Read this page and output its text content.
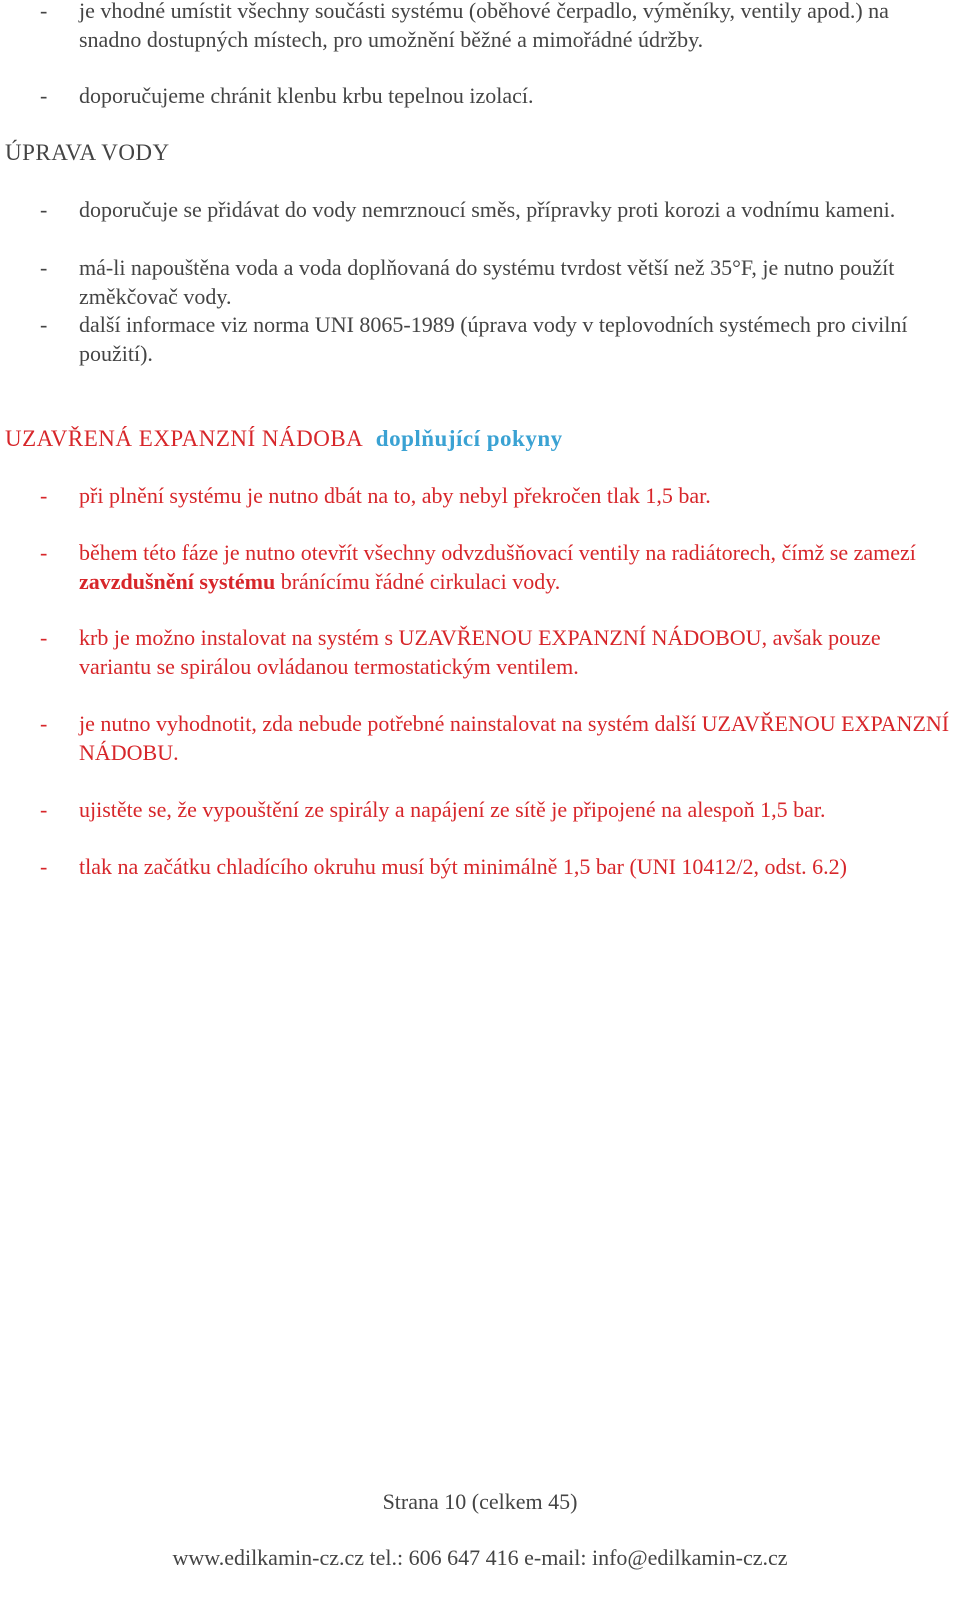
-	je vhodné umístit všechny součásti systému (oběhové čerpadlo, výměníky, ventily apod.) na snadno dostupných místech, pro umožnění běžné a mimořádné údržby.
-	doporučujeme chránit klenbu krbu tepelnou izolací.
ÚPRAVA VODY
-	doporučuje se přidávat do vody nemrznoucí směs, přípravky proti korozi a vodnímu kameni.
-	má-li napouštěna voda a voda doplňovaná do systému tvrdost větší než 35°F, je nutno použít změkčovač vody.
-	další informace viz norma UNI 8065-1989 (úprava vody v teplovodních systémech pro civilní použití).
UZAVŘENÁ EXPANZNÍ NÁDOBA doplňující pokyny
-	při plnění systému je nutno dbát na to, aby nebyl překročen tlak 1,5 bar.
-	během této fáze je nutno otevřít všechny odvzdušňovací ventily na radiátorech, čímž se zamezí zavzdušnění systému bránícímu řádné cirkulaci vody.
-	krb je možno instalovat na systém s UZAVŘENOU EXPANZNÍ NÁDOBOU, avšak pouze variantu se spirálou ovládanou termostatickým ventilem.
-	je nutno vyhodnotit, zda nebude potřebné nainstalovat na systém další UZAVŘENOU EXPANZNÍ NÁDOBU.
-	ujistěte se, že vypouštění ze spirály a napájení ze sítě je připojené na alespoň 1,5 bar.
-	tlak na začátku chladícího okruhu musí být minimálně 1,5 bar (UNI 10412/2, odst. 6.2)
Strana 10 (celkem 45)
www.edilkamin-cz.cz tel.: 606 647 416 e-mail: info@edilkamin-cz.cz
